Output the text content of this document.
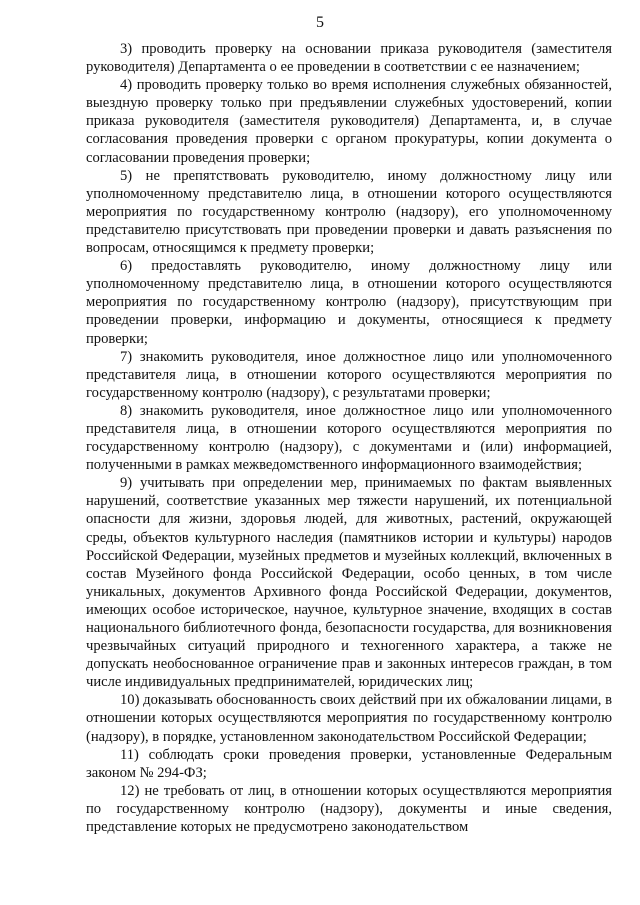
5

3) проводить проверку на основании приказа руководителя (заместителя руководителя) Департамента о ее проведении в соответствии с ее назначением;

4) проводить проверку только во время исполнения служебных обязанностей, выездную проверку только при предъявлении служебных удостоверений, копии приказа руководителя (заместителя руководителя) Департамента, и, в случае согласования проведения проверки с органом прокуратуры, копии документа о согласовании проведения проверки;

5) не препятствовать руководителю, иному должностному лицу или уполномоченному представителю лица, в отношении которого осуществляются мероприятия по государственному контролю (надзору), его уполномоченному представителю присутствовать при проведении проверки и давать разъяснения по вопросам, относящимся к предмету проверки;

6) предоставлять руководителю, иному должностному лицу или уполномоченному представителю лица, в отношении которого осуществляются мероприятия по государственному контролю (надзору), присутствующим при проведении проверки, информацию и документы, относящиеся к предмету проверки;

7) знакомить руководителя, иное должностное лицо или уполномоченного представителя лица, в отношении которого осуществляются мероприятия по государственному контролю (надзору), с результатами проверки;

8) знакомить руководителя, иное должностное лицо или уполномоченного представителя лица, в отношении которого осуществляются мероприятия по государственному контролю (надзору), с документами и (или) информацией, полученными в рамках межведомственного информационного взаимодействия;

9) учитывать при определении мер, принимаемых по фактам выявленных нарушений, соответствие указанных мер тяжести нарушений, их потенциальной опасности для жизни, здоровья людей, для животных, растений, окружающей среды, объектов культурного наследия (памятников истории и культуры) народов Российской Федерации, музейных предметов и музейных коллекций, включенных в состав Музейного фонда Российской Федерации, особо ценных, в том числе уникальных, документов Архивного фонда Российской Федерации, документов, имеющих особое историческое, научное, культурное значение, входящих в состав национального библиотечного фонда, безопасности государства, для возникновения чрезвычайных ситуаций природного и техногенного характера, а также не допускать необоснованное ограничение прав и законных интересов граждан, в том числе индивидуальных предпринимателей, юридических лиц;

10) доказывать обоснованность своих действий при их обжаловании лицами, в отношении которых осуществляются мероприятия по государственному контролю (надзору), в порядке, установленном законодательством Российской Федерации;

11) соблюдать сроки проведения проверки, установленные Федеральным законом № 294-ФЗ;

12) не требовать от лиц, в отношении которых осуществляются мероприятия по государственному контролю (надзору), документы и иные сведения, представление которых не предусмотрено законодательством
